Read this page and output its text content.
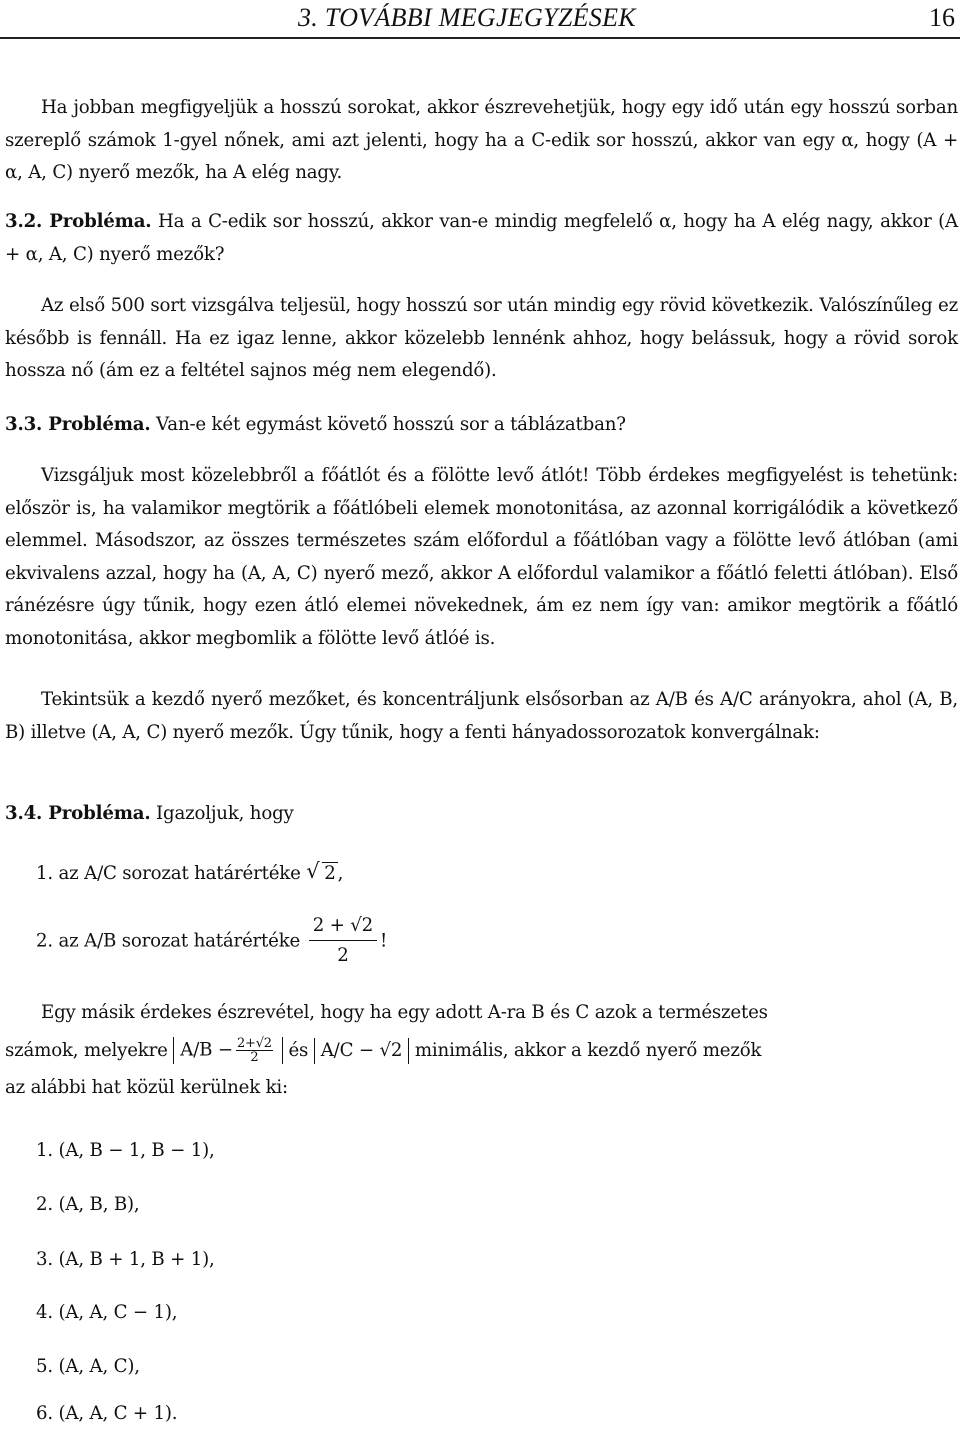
3. TOVÁBBI MEGJEGYZÉSEK	16
Ha jobban megfigyeljük a hosszú sorokat, akkor észrevehetjük, hogy egy idő után egy hosszú sorban szereplő számok 1-gyel nőnek, ami azt jelenti, hogy ha a C-edik sor hosszú, akkor van egy α, hogy (A + α, A, C) nyerő mezők, ha A elég nagy.
3.2. Probléma. Ha a C-edik sor hosszú, akkor van-e mindig megfelelő α, hogy ha A elég nagy, akkor (A + α, A, C) nyerő mezők?
Az első 500 sort vizsgálva teljesül, hogy hosszú sor után mindig egy rövid következik. Valószínűleg ez később is fennáll. Ha ez igaz lenne, akkor közelebb lennénk ahhoz, hogy belássuk, hogy a rövid sorok hossza nő (ám ez a feltétel sajnos még nem elegendő).
3.3. Probléma. Van-e két egymást követő hosszú sor a táblázatban?
Vizsgáljuk most közelebbről a főátlót és a fölötte levő átlót! Több érdekes megfigyelést is tehetünk: először is, ha valamikor megtörik a főátlóbeli elemek monotonitása, az azonnal korrigálódik a következő elemmel. Másodszor, az összes természetes szám előfordul a főátlóban vagy a fölötte levő átlóban (ami ekvivalens azzal, hogy ha (A, A, C) nyerő mező, akkor A előfordul valamikor a főátló feletti átlóban). Első ránézésre úgy tűnik, hogy ezen átló elemei növekednek, ám ez nem így van: amikor megtörik a főátló monotonitása, akkor megbomlik a fölötte levő átlóé is.
Tekintsük a kezdő nyerő mezőket, és koncentráljunk elsősorban az A/B és A/C arányokra, ahol (A, B, B) illetve (A, A, C) nyerő mezők. Úgy tűnik, hogy a fenti hányadossorozatok konvergálnak:
3.4. Probléma. Igazoljuk, hogy
1. az A/C sorozat határértéke √ 2 ,
2. az A/B sorozat határértéke $\frac{2 + √2}{2}$ !
Egy másik érdekes észrevétel, hogy ha egy adott A-ra B és C azok a természetes
számok, melyekre $A/B - \frac{2+√2}{2}$ és A/C − √2 minimális, akkor a kezdő nyerő mezők
az alábbi hat közül kerülnek ki:
1. (A, B − 1, B − 1),
2. (A, B, B),
3. (A, B + 1, B + 1),
4. (A, A, C − 1),
5. (A, A, C),
6. (A, A, C + 1).
